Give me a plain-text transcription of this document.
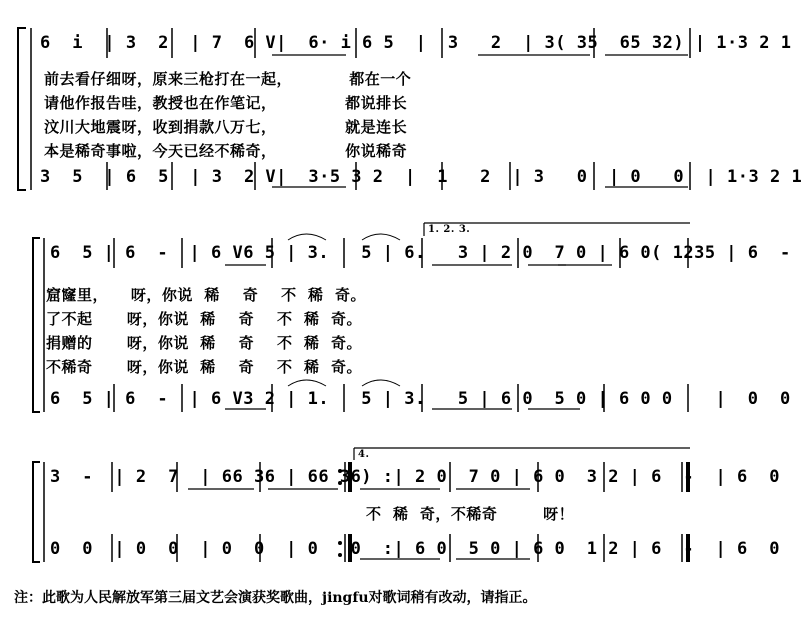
6  i  | 3  2  | 7  6 V|  6· i 6 5  |  3   2  | 3( 35  65 32) | 1·3 2 1
前去看仔细呀，原来三枪打在一起，          都在一个
请他作报告哇，教授也在作笔记，            都说排长
汶川大地震呀，收到捐款八万七，            就是连长
本是稀奇事啦，今天已经不稀奇，            你说稀奇
3  5  | 6  5  | 3  2 V|  3·5 3 2  |  1   2  | 3   0  | 0   0  | 1·3 2 1
1. 2. 3.
6  5 | 6  -  | 6 V6 5 | 3.   5 | 6.   3 | 2 0  7 0 | 6 0( 1235 | 6  -
窟窿里，    呀，你说  稀    奇    不  稀  奇。
了不起      呀，你说  稀    奇    不  稀  奇。
捐赠的      呀，你说  稀    奇    不  稀  奇。
不稀奇      呀，你说  稀    奇    不  稀  奇。
6  5 | 6  -  | 6 V3 2 | 1.   5 | 3.   5 | 6 0  5 0 | 6 0 0    |  0  0
4.
3  -  | 2  7  | 66 36 | 66 36) :| 2 0  7 0 | 6 0  3 2 | 6  -  | 6  0
不  稀  奇，不稀奇        呀！
0  0  | 0  0  | 0  0  | 0   0  :| 6 0  5 0 | 6 0  1 2 | 6  -  | 6  0
注：此歌为人民解放军第三届文艺会演获奖歌曲，jingfu对歌词稍有改动，请指正。
